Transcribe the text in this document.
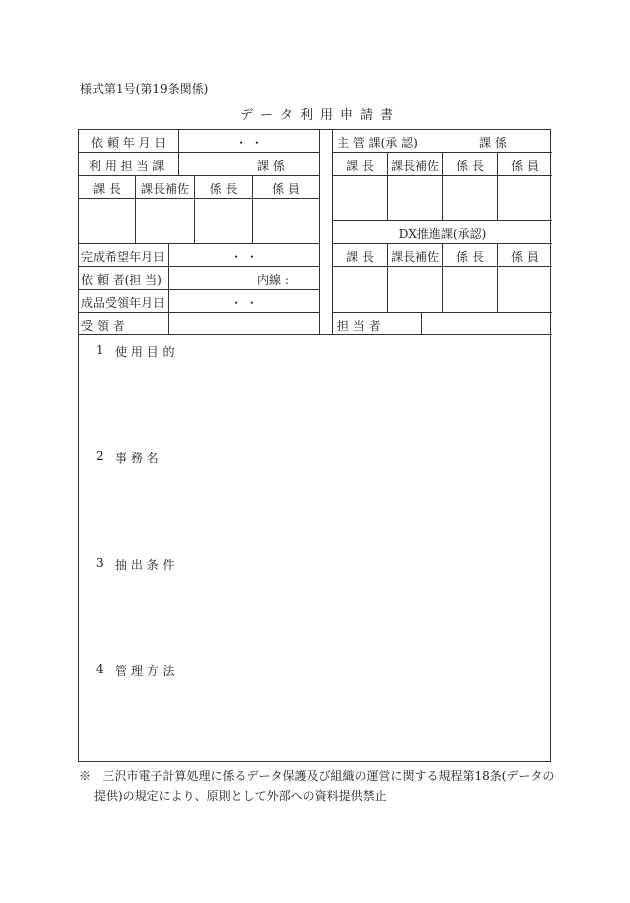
様式第1号(第19条関係)
データ利用申請書
依 頼 年 月 日	・ ・
利 用 担 当 課	課 係
課 長	課長補佐	係 長	係 員
完成希望年月日	・ ・
依 頼 者(担 当)	内線 :
成品受領年月日	・ ・
受 領 者
主 管 課(承 認)	課 係
課 長	課長補佐	係 長	係 員
DX推進課(承認)
課 長	課長補佐	係 長	係 員
担 当 者
1 使 用 目 的
2 事 務 名
3 抽 出 条 件
4 管 理 方 法
※ 三沢市電子計算処理に係るデータ保護及び組織の運営に関する規程第18条(データの
提供)の規定により、原則として外部への資料提供禁止
